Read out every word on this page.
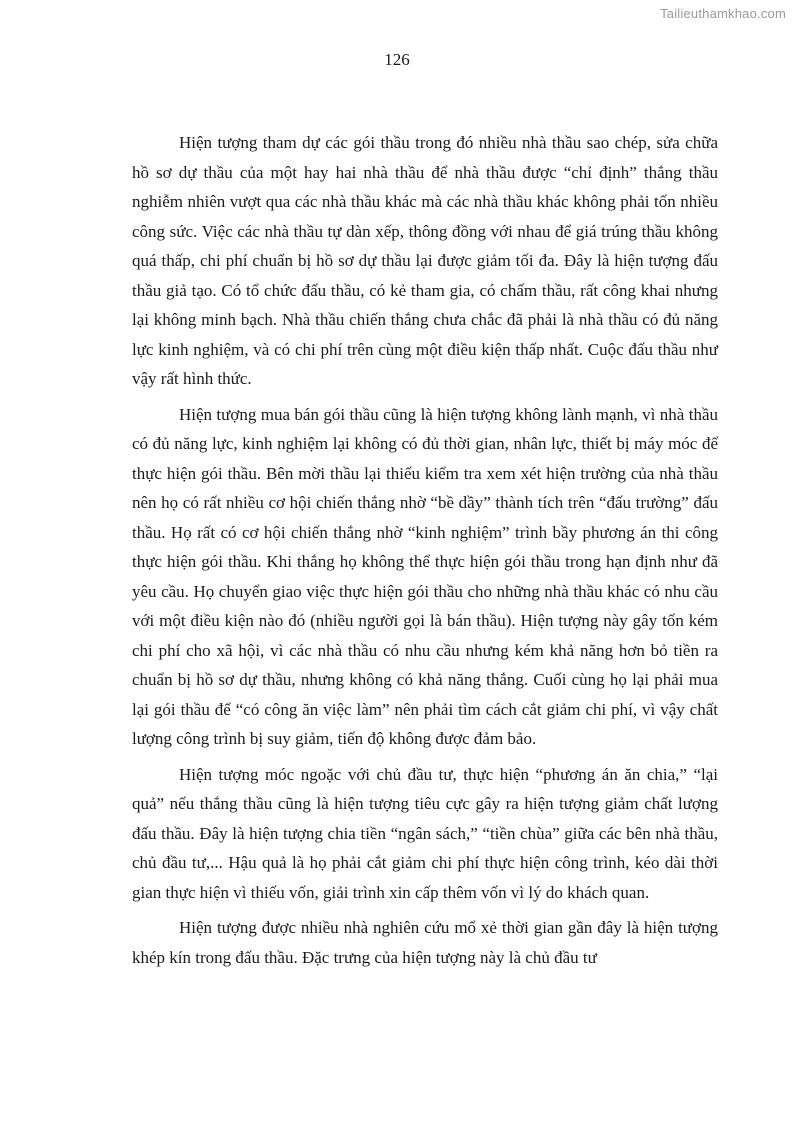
Tailieuthamkhao.com
126

Hiện tượng tham dự các gói thầu trong đó nhiều nhà thầu sao chép, sửa chữa hồ sơ dự thầu của một hay hai nhà thầu để nhà thầu được “chỉ định” thắng thầu nghiễm nhiên vượt qua các nhà thầu khác mà các nhà thầu khác không phải tốn nhiều công sức. Việc các nhà thầu tự dàn xếp, thông đồng với nhau để giá trúng thầu không quá thấp, chi phí chuẩn bị hồ sơ dự thầu lại được giảm tối đa. Đây là hiện tượng đấu thầu giả tạo. Có tổ chức đấu thầu, có kẻ tham gia, có chấm thầu, rất công khai nhưng lại không minh bạch. Nhà thầu chiến thắng chưa chắc đã phải là nhà thầu có đủ năng lực kinh nghiệm, và có chi phí trên cùng một điều kiện thấp nhất. Cuộc đấu thầu như vậy rất hình thức.

Hiện tượng mua bán gói thầu cũng là hiện tượng không lành mạnh, vì nhà thầu có đủ năng lực, kinh nghiệm lại không có đủ thời gian, nhân lực, thiết bị máy móc để thực hiện gói thầu. Bên mời thầu lại thiếu kiểm tra xem xét hiện trường của nhà thầu nên họ có rất nhiều cơ hội chiến thắng nhờ “bề dầy” thành tích trên “đấu trường” đấu thầu. Họ rất có cơ hội chiến thắng nhờ “kinh nghiệm” trình bầy phương án thi công thực hiện gói thầu. Khi thắng họ không thể thực hiện gói thầu trong hạn định như đã yêu cầu. Họ chuyển giao việc thực hiện gói thầu cho những nhà thầu khác có nhu cầu với một điều kiện nào đó (nhiều người gọi là bán thầu). Hiện tượng này gây tốn kém chi phí cho xã hội, vì các nhà thầu có nhu cầu nhưng kém khả năng hơn bỏ tiền ra chuẩn bị hồ sơ dự thầu, nhưng không có khả năng thắng. Cuối cùng họ lại phải mua lại gói thầu để “có công ăn việc làm” nên phải tìm cách cắt giảm chi phí, vì vậy chất lượng công trình bị suy giảm, tiến độ không được đảm bảo.

Hiện tượng móc ngoặc với chủ đầu tư, thực hiện “phương án ăn chia,” “lại quả” nếu thắng thầu cũng là hiện tượng tiêu cực gây ra hiện tượng giảm chất lượng đấu thầu. Đây là hiện tượng chia tiền “ngân sách,” “tiền chùa” giữa các bên nhà thầu, chủ đầu tư,... Hậu quả là họ phải cắt giảm chi phí thực hiện công trình, kéo dài thời gian thực hiện vì thiếu vốn, giải trình xin cấp thêm vốn vì lý do khách quan.

Hiện tượng được nhiều nhà nghiên cứu mổ xẻ thời gian gần đây là hiện tượng khép kín trong đấu thầu. Đặc trưng của hiện tượng này là chủ đầu tư
